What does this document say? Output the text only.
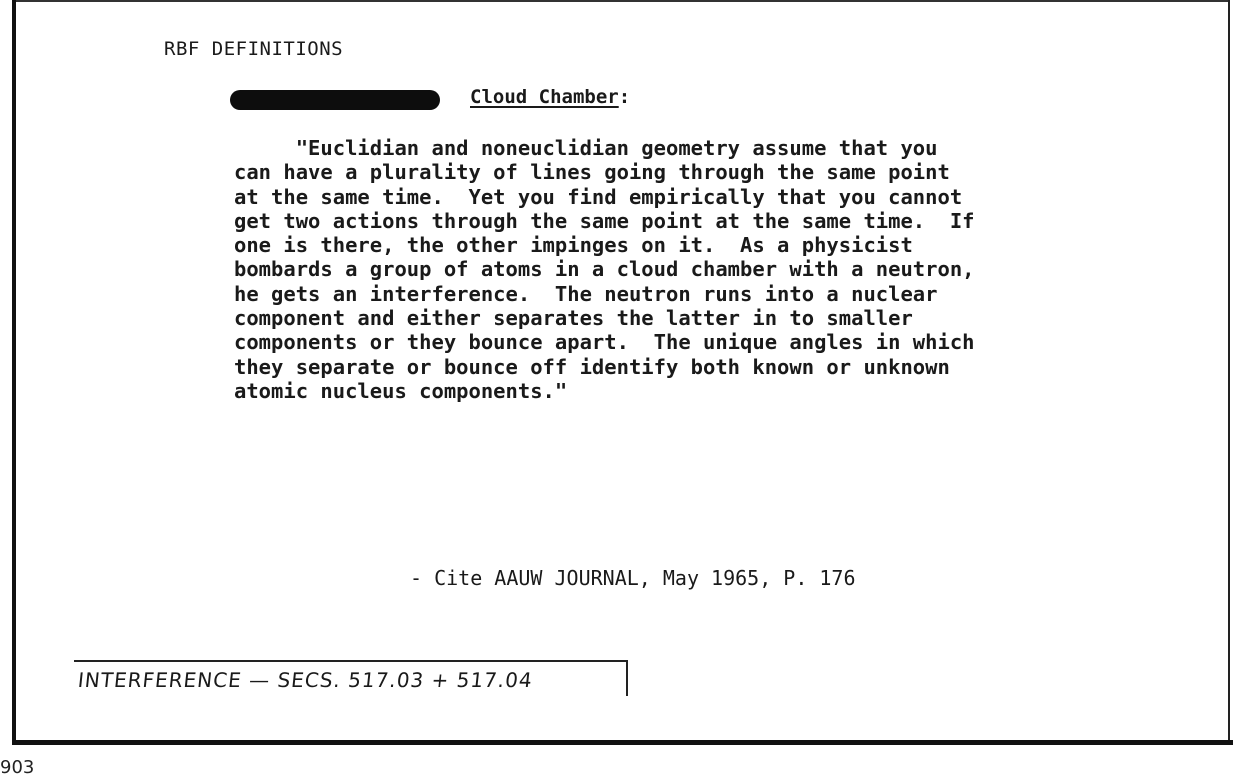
RBF DEFINITIONS
Cloud Chamber:
"Euclidian and noneuclidian geometry assume that you
can have a plurality of lines going through the same point
at the same time.  Yet you find empirically that you cannot
get two actions through the same point at the same time.  If
one is there, the other impinges on it.  As a physicist
bombards a group of atoms in a cloud chamber with a neutron,
he gets an interference.  The neutron runs into a nuclear
component and either separates the latter in to smaller
components or they bounce apart.  The unique angles in which
they separate or bounce off identify both known or unknown
atomic nucleus components."
- Cite AAUW JOURNAL, May 1965, P. 176
INTERFERENCE — SECS. 517.03 + 517.04
903
